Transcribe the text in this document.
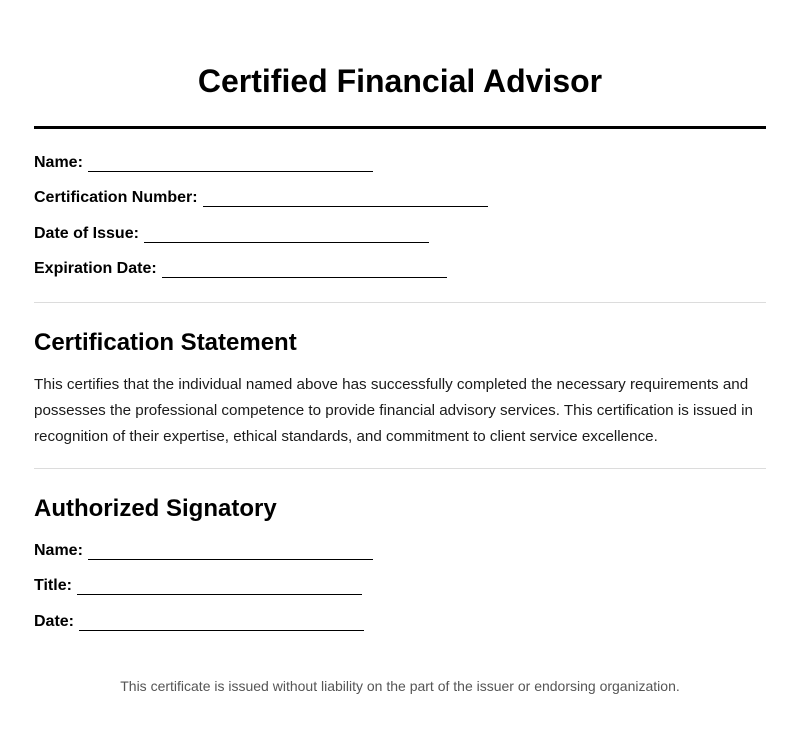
Certified Financial Advisor
Name:
Certification Number:
Date of Issue:
Expiration Date:
Certification Statement

This certifies that the individual named above has successfully completed the necessary requirements and possesses the professional competence to provide financial advisory services. This certification is issued in recognition of their expertise, ethical standards, and commitment to client service excellence.

Authorized Signatory
Name:
Title:
Date:
This certificate is issued without liability on the part of the issuer or endorsing organization.
